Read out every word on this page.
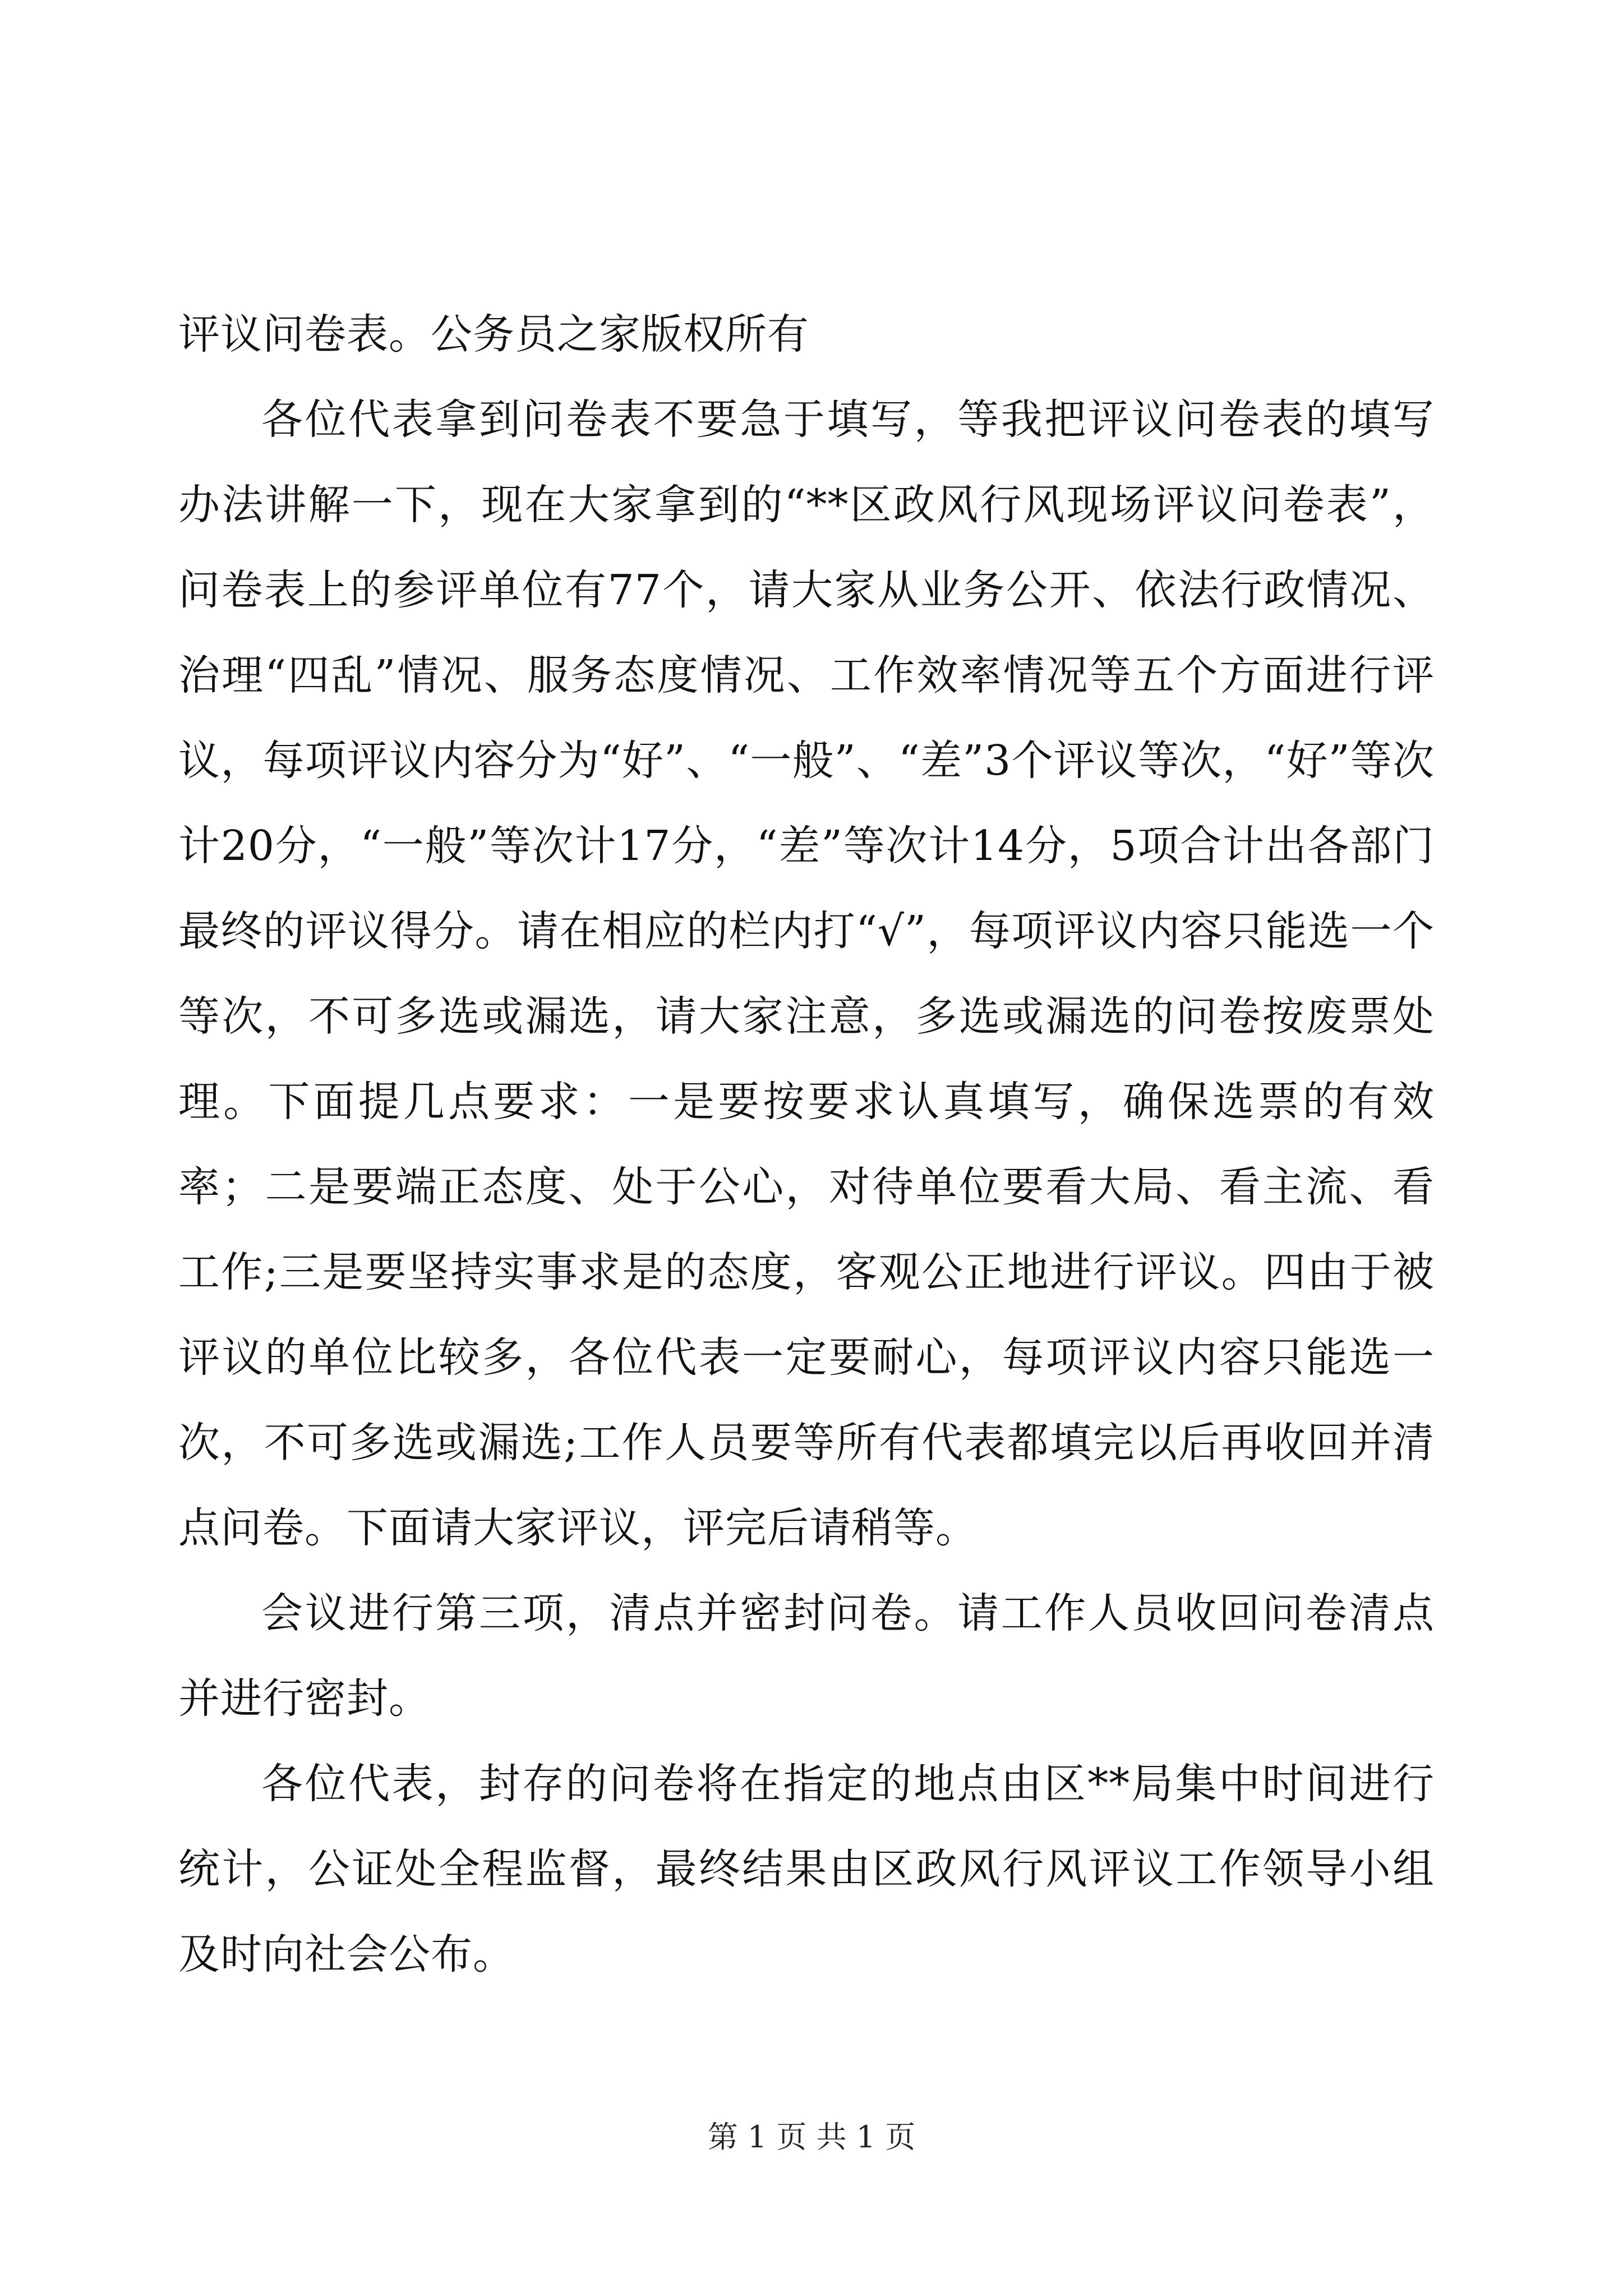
评议问卷表。公务员之家版权所有

各位代表拿到问卷表不要急于填写，等我把评议问卷表的填写办法讲解一下，现在大家拿到的“**区政风行风现场评议问卷表”，问卷表上的参评单位有77个，请大家从业务公开、依法行政情况、治理“四乱”情况、服务态度情况、工作效率情况等五个方面进行评议，每项评议内容分为“好”、“一般”、“差”3个评议等次，“好”等次计20分，“一般”等次计17分，“差”等次计14分，5项合计出各部门最终的评议得分。请在相应的栏内打“√”，每项评议内容只能选一个等次，不可多选或漏选，请大家注意，多选或漏选的问卷按废票处理。下面提几点要求：一是要按要求认真填写，确保选票的有效率；二是要端正态度、处于公心，对待单位要看大局、看主流、看工作;三是要坚持实事求是的态度，客观公正地进行评议。四由于被评议的单位比较多，各位代表一定要耐心，每项评议内容只能选一次，不可多选或漏选;工作人员要等所有代表都填完以后再收回并清点问卷。下面请大家评议，评完后请稍等。

会议进行第三项，清点并密封问卷。请工作人员收回问卷清点并进行密封。

各位代表，封存的问卷将在指定的地点由区**局集中时间进行统计，公证处全程监督，最终结果由区政风行风评议工作领导小组及时向社会公布。

第 1 页 共 1 页
